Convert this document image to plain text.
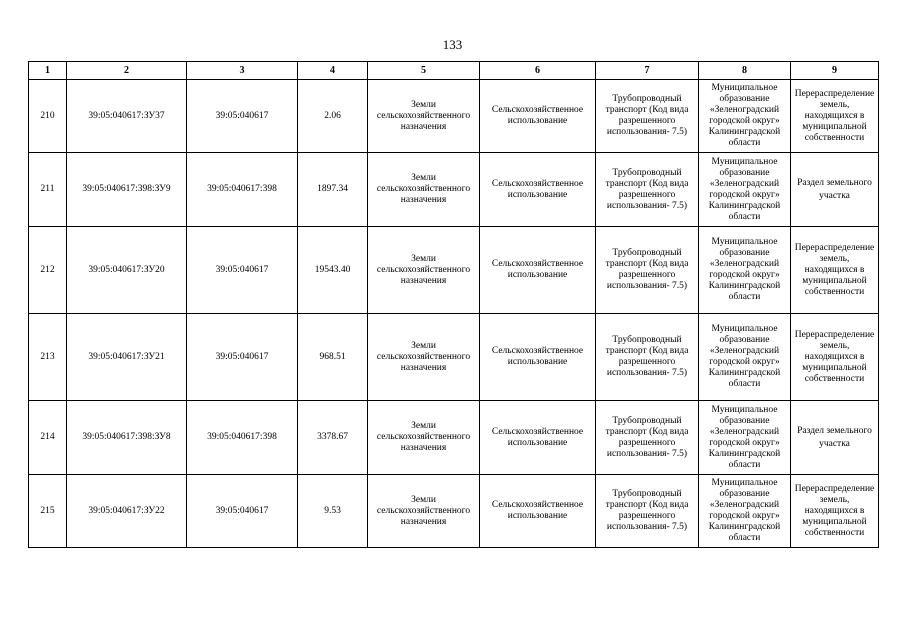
133
1	2	3	4	5	6	7	8	9
210	39:05:040617:ЗУ37	39:05:040617	2.06	Земли сельскохозяйственного назначения	Сельскохозяйственное использование	Трубопроводный транспорт (Код вида разрешенного использования- 7.5)	Муниципальное образование «Зеленоградский городской округ» Калининградской области	Перераспределение земель, находящихся в муниципальной собственности
211	39:05:040617:398:ЗУ9	39:05:040617:398	1897.34	Земли сельскохозяйственного назначения	Сельскохозяйственное использование	Трубопроводный транспорт (Код вида разрешенного использования- 7.5)	Муниципальное образование «Зеленоградский городской округ» Калининградской области	Раздел земельного участка
212	39:05:040617:ЗУ20	39:05:040617	19543.40	Земли сельскохозяйственного назначения	Сельскохозяйственное использование	Трубопроводный транспорт (Код вида разрешенного использования- 7.5)	Муниципальное образование «Зеленоградский городской округ» Калининградской области	Перераспределение земель, находящихся в муниципальной собственности
213	39:05:040617:ЗУ21	39:05:040617	968.51	Земли сельскохозяйственного назначения	Сельскохозяйственное использование	Трубопроводный транспорт (Код вида разрешенного использования- 7.5)	Муниципальное образование «Зеленоградский городской округ» Калининградской области	Перераспределение земель, находящихся в муниципальной собственности
214	39:05:040617:398:ЗУ8	39:05:040617:398	3378.67	Земли сельскохозяйственного назначения	Сельскохозяйственное использование	Трубопроводный транспорт (Код вида разрешенного использования- 7.5)	Муниципальное образование «Зеленоградский городской округ» Калининградской области	Раздел земельного участка
215	39:05:040617:ЗУ22	39:05:040617	9.53	Земли сельскохозяйственного назначения	Сельскохозяйственное использование	Трубопроводный транспорт (Код вида разрешенного использования- 7.5)	Муниципальное образование «Зеленоградский городской округ» Калининградской области	Перераспределение земель, находящихся в муниципальной собственности
